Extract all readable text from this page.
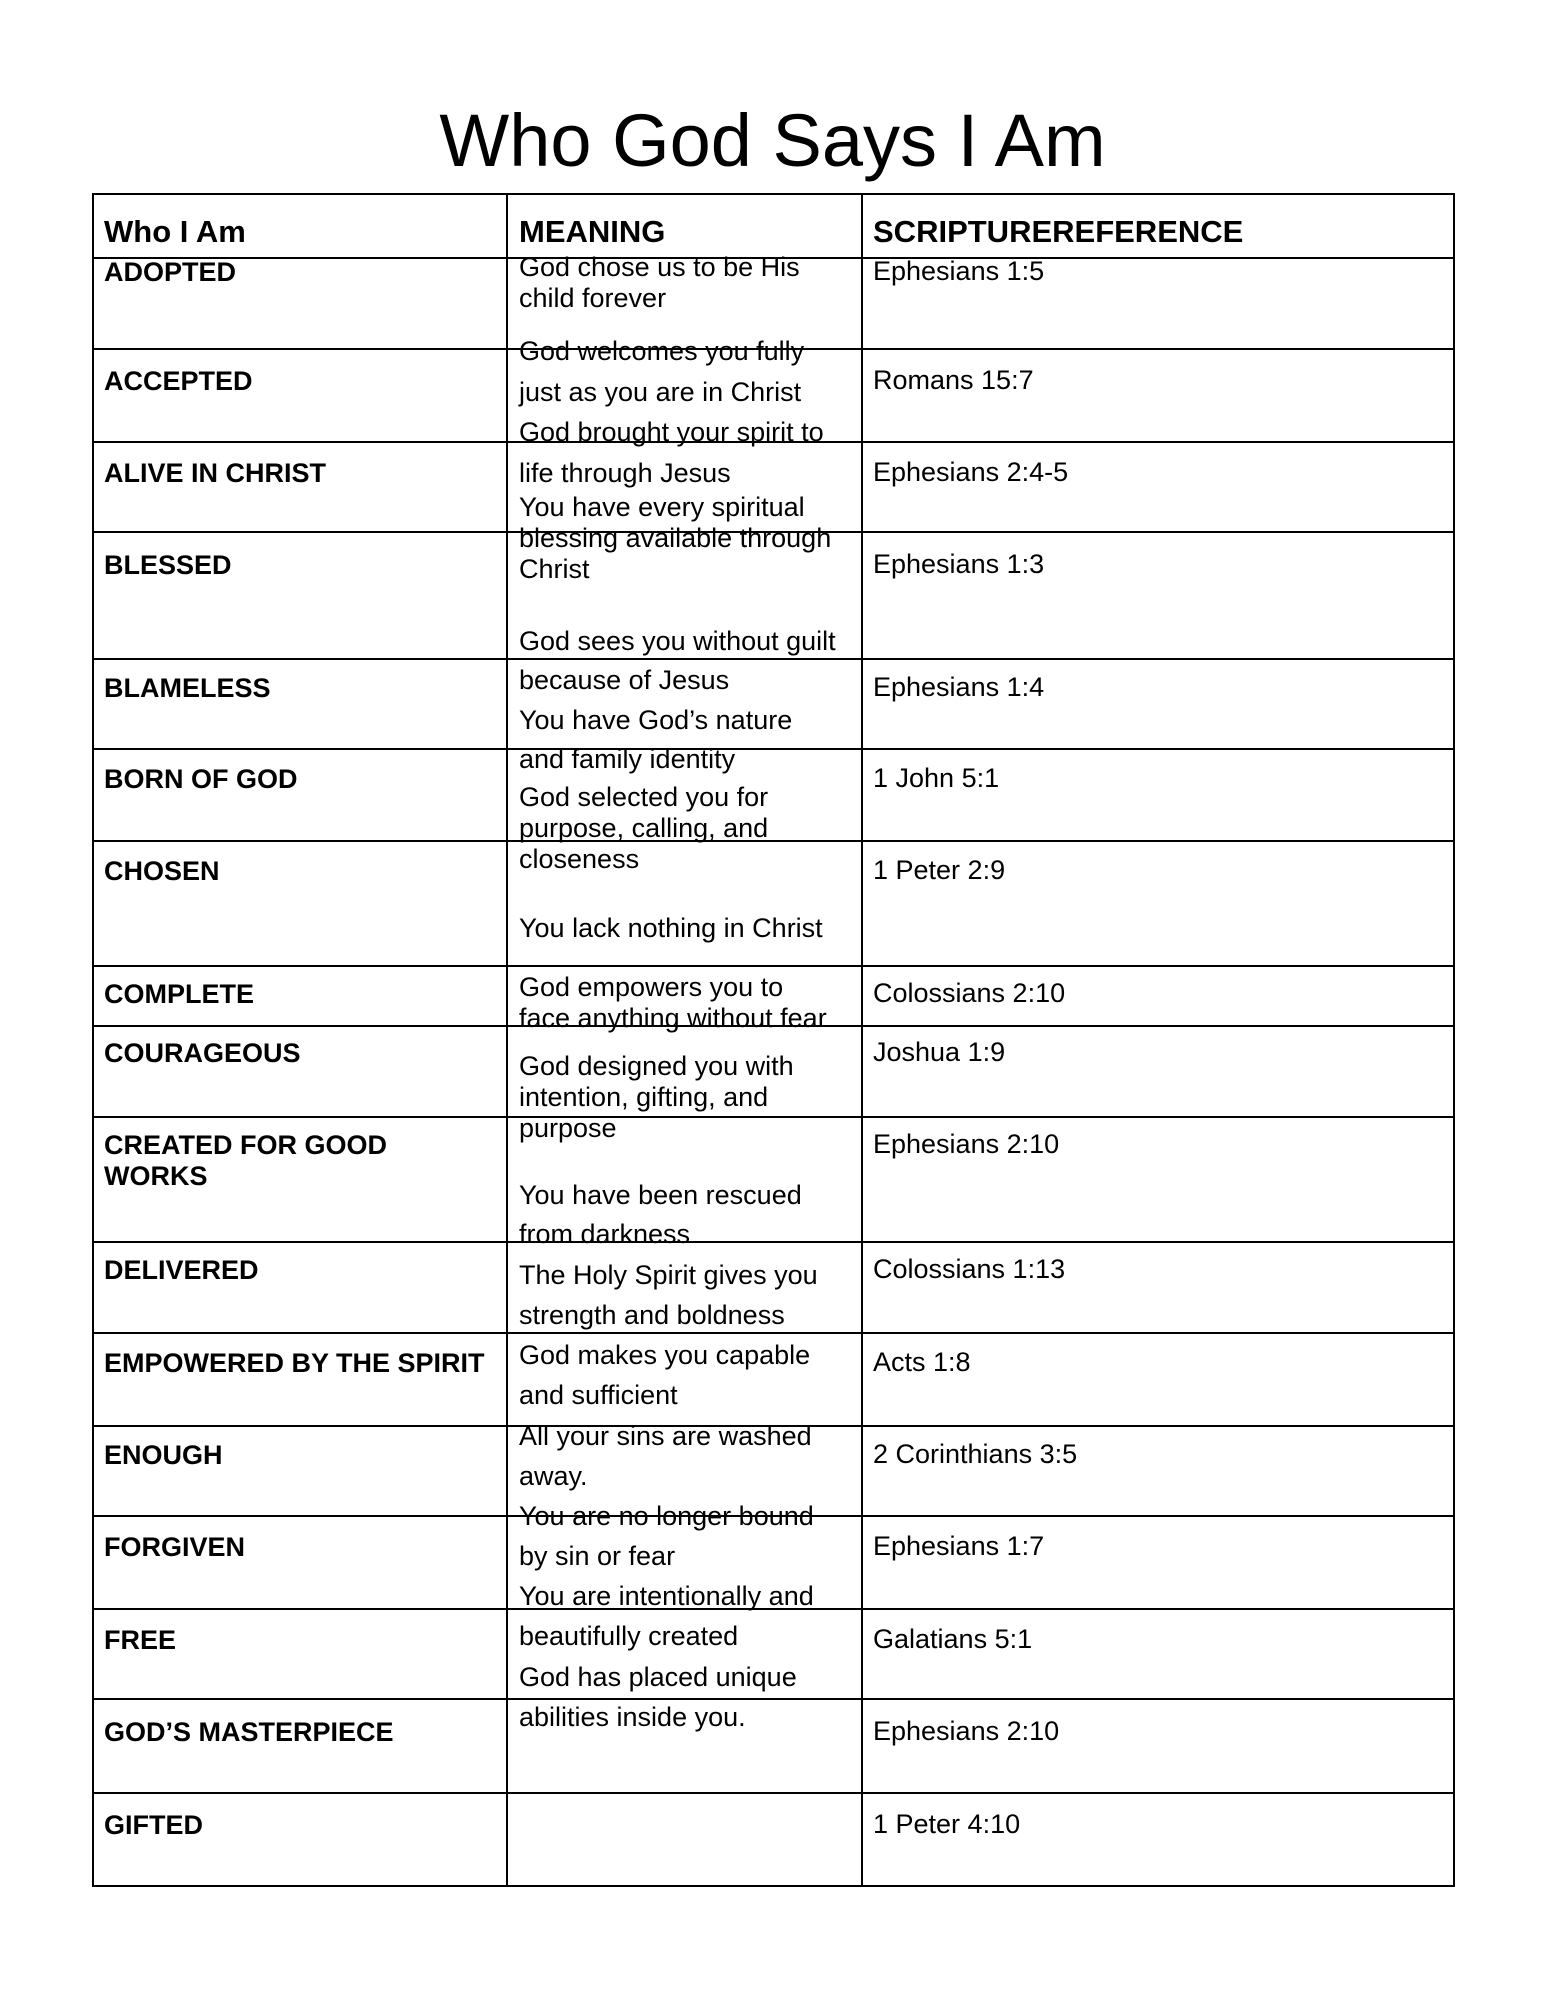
Who God Says I Am
Who I Am	MEANING	SCRIPTUREREFERENCE
ADOPTED
ACCEPTED
ALIVE IN CHRIST
BLESSED
BLAMELESS
BORN OF GOD
CHOSEN
COMPLETE
COURAGEOUS
CREATED FOR GOOD
WORKS
DELIVERED
EMPOWERED BY THE SPIRIT
ENOUGH
FORGIVEN
FREE
GOD’S MASTERPIECE
GIFTED
God chose us to be His
child forever
God welcomes you fully
just as you are in Christ
God brought your spirit to
life through Jesus
You have every spiritual
blessing available through
Christ
God sees you without guilt
because of Jesus
You have God’s nature
and family identity
God selected you for
purpose, calling, and
closeness
You lack nothing in Christ
God empowers you to
face anything without fear
God designed you with
intention, gifting, and
purpose
You have been rescued
from darkness
The Holy Spirit gives you
strength and boldness
God makes you capable
and sufficient
All your sins are washed
away.
You are no longer bound
by sin or fear
You are intentionally and
beautifully created
God has placed unique
abilities inside you.
Ephesians 1:5
Romans 15:7
Ephesians 2:4-5
Ephesians 1:3
Ephesians 1:4
1 John 5:1
1 Peter 2:9
Colossians 2:10
Joshua 1:9
Ephesians 2:10
Colossians 1:13
Acts 1:8
2 Corinthians 3:5
Ephesians 1:7
Galatians 5:1
Ephesians 2:10
1 Peter 4:10
